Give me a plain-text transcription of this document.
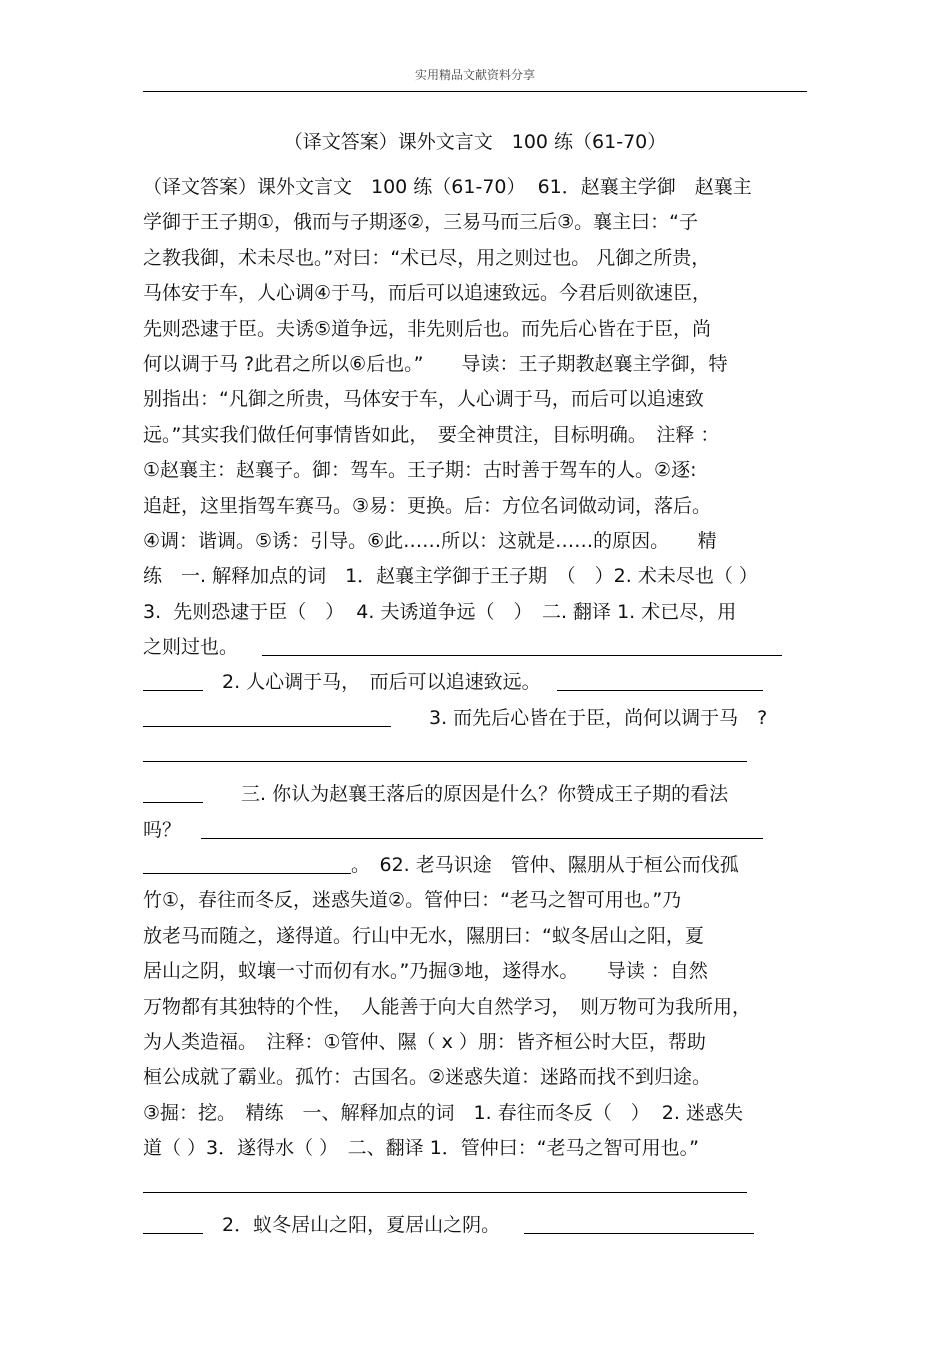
实用精品文献资料分享
（译文答案）课外文言文　100 练（61-70）
（译文答案）课外文言文　100 练（61-70）  61．赵襄主学御　赵襄主
学御于王子期①，俄而与子期逐②，三易马而三后③。襄主曰：“子
之教我御，术未尽也。”对曰：“术已尽，用之则过也。 凡御之所贵，
马体安于车，人心调④于马，而后可以追速致远。今君后则欲速臣，
先则恐逮于臣。夫诱⑤道争远，非先则后也。而先后心皆在于臣，尚
何以调于马 ?此君之所以⑥后也。”　　导读：王子期教赵襄主学御，特
别指出：“凡御之所贵，马体安于车，人心调于马，而后可以追速致
远。”其实我们做任何事情皆如此，　要全神贯注，目标明确。　注释 ：
①赵襄主：赵襄子。御：驾车。王子期：古时善于驾车的人。②逐:
追赶，这里指驾车赛马。③易：更换。后：方位名词做动词，落后。
④调：谐调。⑤诱：引导。⑥此……所以：这就是……的原因。　　精
练　一. 解释加点的词　1．赵襄主学御于王子期　（　）2. 术未尽也（ ）
3.  先则恐逮于臣（　）  4. 夫诱道争远（　）　二. 翻译 1. 术已尽，用
之则过也。
　2. 人心调于马，　而后可以追速致远。
　　3. 而先后心皆在于臣，尚何以调于马　?
　　三. 你认为赵襄王落后的原因是什么？你赞成王子期的看法
吗？
。　62. 老马识途　管仲、隰朋从于桓公而伐孤
竹①，春往而冬反，迷惑失道②。管仲曰：“老马之智可用也。”乃
放老马而随之，遂得道。行山中无水，隰朋曰：“蚁冬居山之阳，夏
居山之阴，蚁壤一寸而仞有水。”乃掘③地，遂得水。　　导读 ：自然
万物都有其独特的个性，　人能善于向大自然学习，　则万物可为我所用，
为人类造福。　注释：①管仲、隰（ x ）朋：皆齐桓公时大臣，帮助
桓公成就了霸业。孤竹：古国名。②迷惑失道：迷路而找不到归途。
③掘：挖。　精练　一、解释加点的词　1. 春往而冬反（　）  2. 迷惑失
道（ ）3．遂得水（ ）　二、翻译 1．管仲曰：“老马之智可用也。”
　2．蚁冬居山之阳，夏居山之阴。
